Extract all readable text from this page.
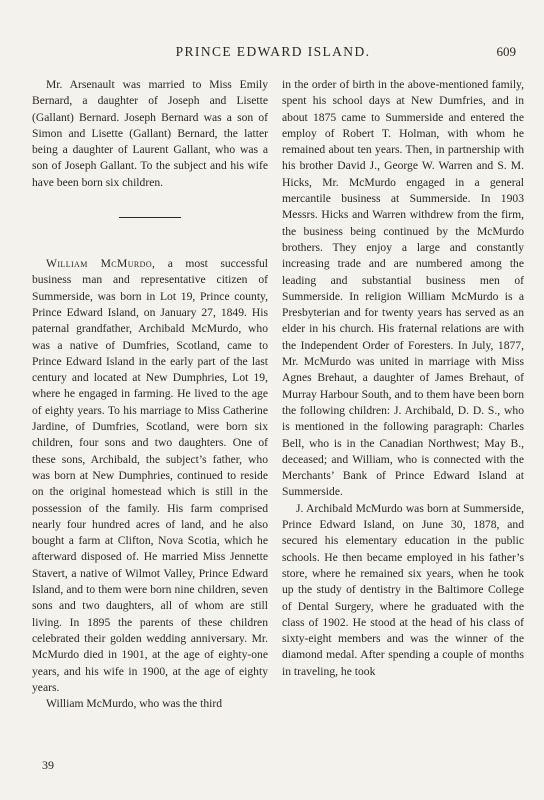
PRINCE EDWARD ISLAND.	609

Mr. Arsenault was married to Miss Emily Bernard, a daughter of Joseph and Lisette (Gallant) Bernard. Joseph Bernard was a son of Simon and Lisette (Gallant) Bernard, the latter being a daughter of Laurent Gallant, who was a son of Joseph Gallant. To the subject and his wife have been born six children.

William McMurdo, a most successful business man and representative citizen of Summerside, was born in Lot 19, Prince county, Prince Edward Island, on January 27, 1849. His paternal grandfather, Archibald McMurdo, who was a native of Dumfries, Scotland, came to Prince Edward Island in the early part of the last century and located at New Dumphries, Lot 19, where he engaged in farming. He lived to the age of eighty years. To his marriage to Miss Catherine Jardine, of Dumfries, Scotland, were born six children, four sons and two daughters. One of these sons, Archibald, the subject’s father, who was born at New Dumphries, continued to reside on the original homestead which is still in the possession of the family. His farm comprised nearly four hundred acres of land, and he also bought a farm at Clifton, Nova Scotia, which he afterward disposed of. He married Miss Jennette Stavert, a native of Wilmot Valley, Prince Edward Island, and to them were born nine children, seven sons and two daughters, all of whom are still living. In 1895 the parents of these children celebrated their golden wedding anniversary. Mr. McMurdo died in 1901, at the age of eighty-one years, and his wife in 1900, at the age of eighty years.

William McMurdo, who was the third

in the order of birth in the above-mentioned family, spent his school days at New Dumfries, and in about 1875 came to Summerside and entered the employ of Robert T. Holman, with whom he remained about ten years. Then, in partnership with his brother David J., George W. Warren and S. M. Hicks, Mr. McMurdo engaged in a general mercantile business at Summerside. In 1903 Messrs. Hicks and Warren withdrew from the firm, the business being continued by the McMurdo brothers. They enjoy a large and constantly increasing trade and are numbered among the leading and substantial business men of Summerside. In religion William McMurdo is a Presbyterian and for twenty years has served as an elder in his church. His fraternal relations are with the Independent Order of Foresters. In July, 1877, Mr. McMurdo was united in marriage with Miss Agnes Brehaut, a daughter of James Brehaut, of Murray Harbour South, and to them have been born the following children: J. Archibald, D. D. S., who is mentioned in the following paragraph: Charles Bell, who is in the Canadian Northwest; May B., deceased; and William, who is connected with the Merchants’ Bank of Prince Edward Island at Summerside.

J. Archibald McMurdo was born at Summerside, Prince Edward Island, on June 30, 1878, and secured his elementary education in the public schools. He then became employed in his father’s store, where he remained six years, when he took up the study of dentistry in the Baltimore College of Dental Surgery, where he graduated with the class of 1902. He stood at the head of his class of sixty-eight members and was the winner of the diamond medal. After spending a couple of months in traveling, he took

39
